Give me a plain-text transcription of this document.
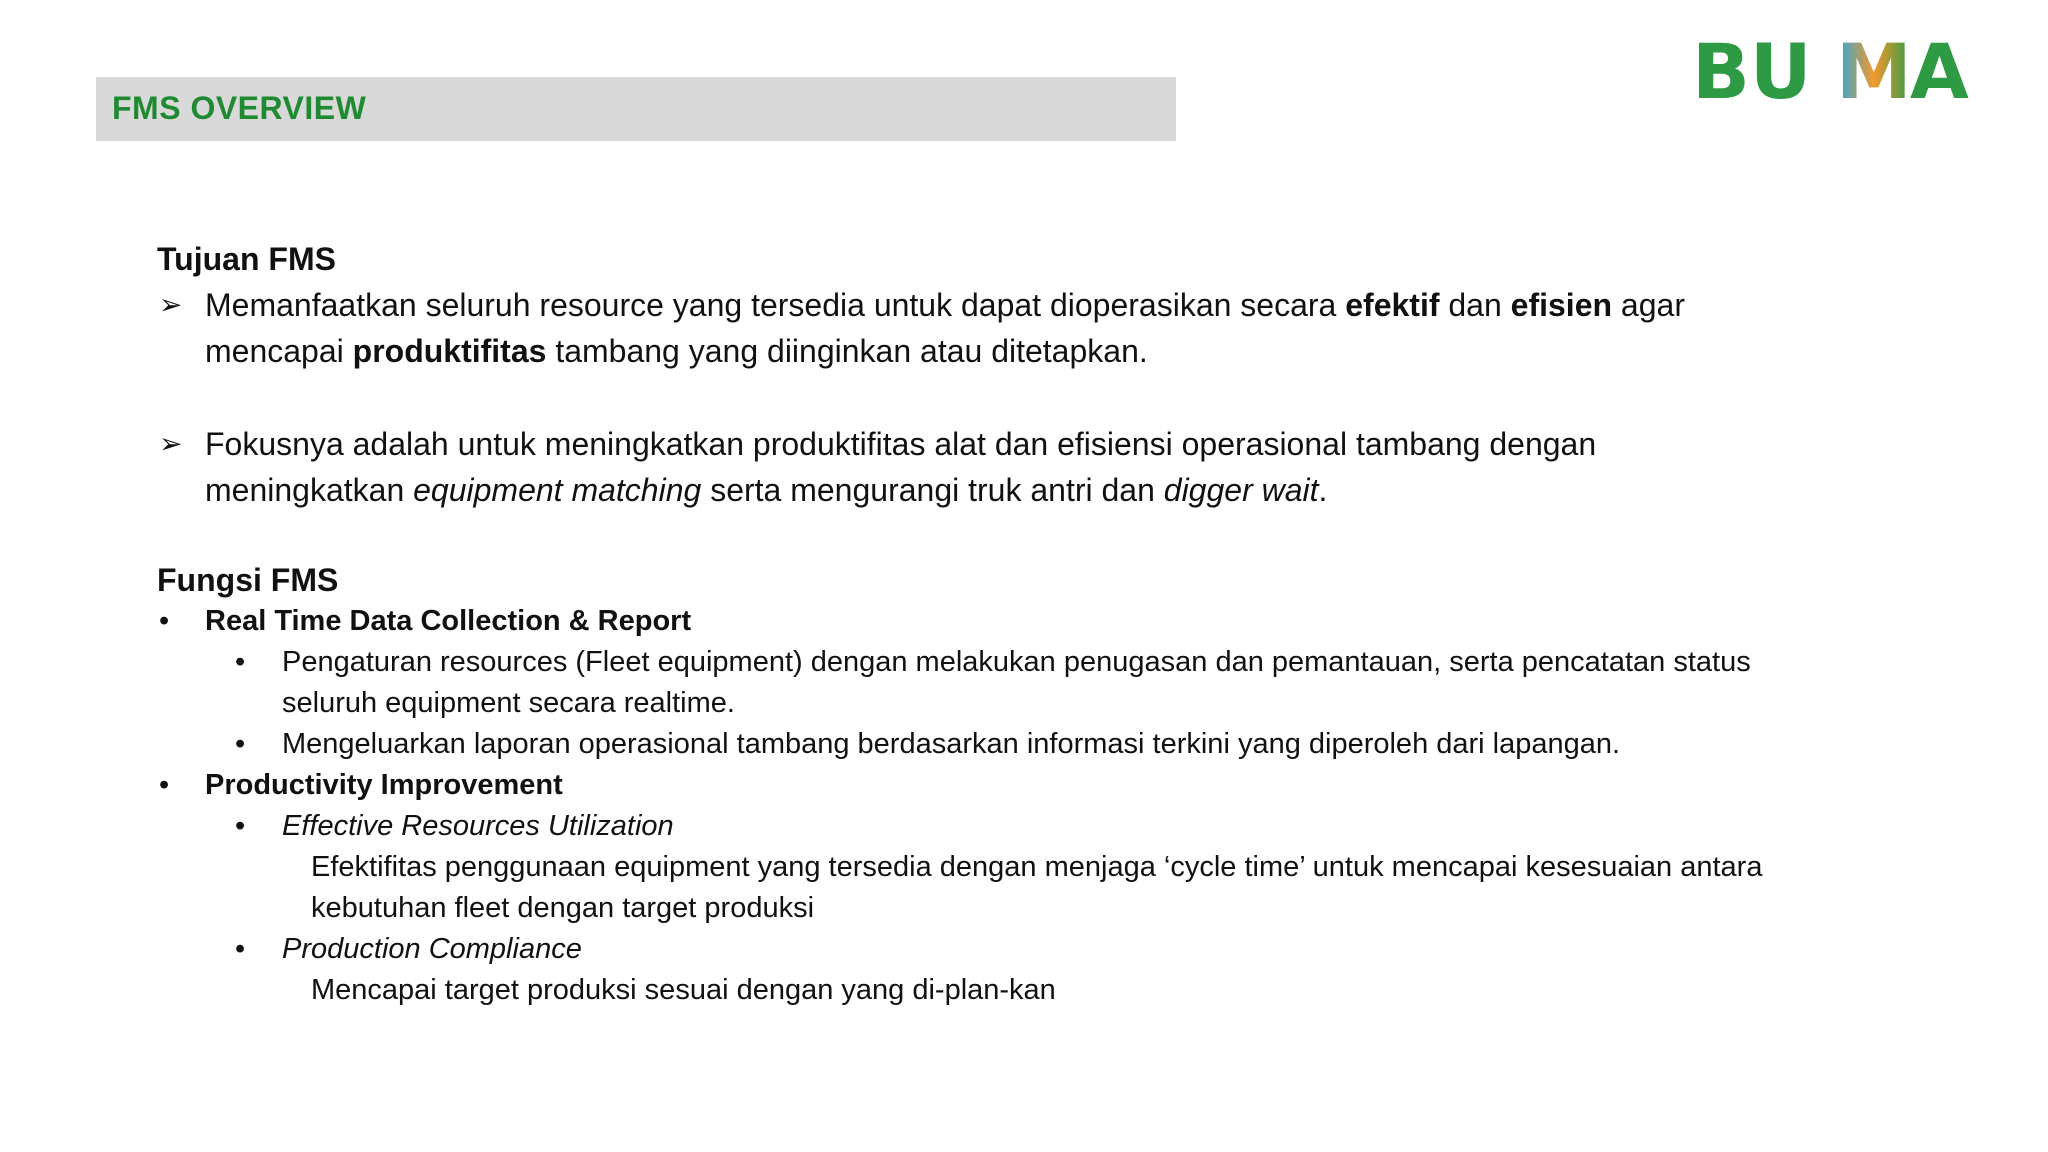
FMS OVERVIEW	BU M
A

Tujuan FMS

➢ Memanfaatkan seluruh resource yang tersedia untuk dapat dioperasikan secara efektif dan efisien agar mencapai produktifitas tambang yang diinginkan atau ditetapkan.
➢ Fokusnya adalah untuk meningkatkan produktifitas alat dan efisiensi operasional tambang dengan meningkatkan equipment matching serta mengurangi truk antri dan digger wait.

Fungsi FMS

• Real Time Data Collection & Report
• Pengaturan resources (Fleet equipment) dengan melakukan penugasan dan pemantauan, serta pencatatan status seluruh equipment secara realtime.
• Mengeluarkan laporan operasional tambang berdasarkan informasi terkini yang diperoleh dari lapangan.
• Productivity Improvement
• Effective Resources Utilization
Efektifitas penggunaan equipment yang tersedia dengan menjaga ‘cycle time’ untuk mencapai kesesuaian antara kebutuhan fleet dengan target produksi
• Production Compliance
Mencapai target produksi sesuai dengan yang di-plan-kan
